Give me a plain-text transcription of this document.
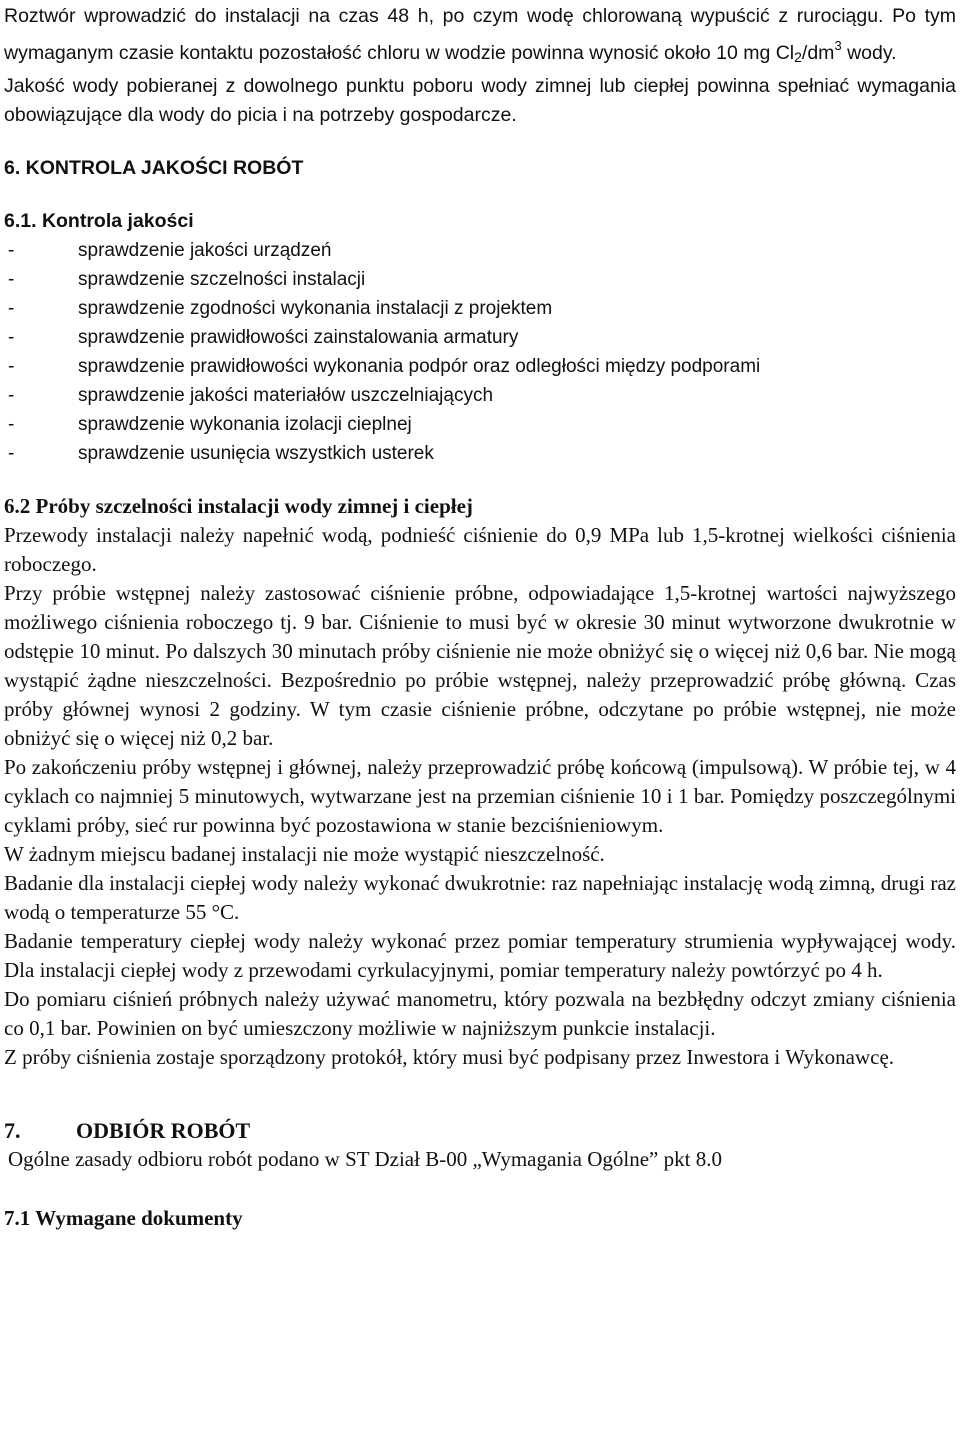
Roztwór wprowadzić do instalacji na czas 48 h, po czym wodę chlorowaną wypuścić z rurociągu. Po tym wymaganym czasie kontaktu pozostałość chloru w wodzie powinna wynosić około 10 mg $Cl_2/dm^3$ wody.

Jakość wody pobieranej z dowolnego punktu poboru wody zimnej lub ciepłej powinna spełniać wymagania obowiązujące dla wody do picia i na potrzeby gospodarcze.

6. KONTROLA JAKOŚCI ROBÓT

6.1. Kontrola jakości

- sprawdzenie jakości urządzeń
- sprawdzenie szczelności instalacji
- sprawdzenie zgodności wykonania instalacji z projektem
- sprawdzenie prawidłowości zainstalowania armatury
- sprawdzenie prawidłowości wykonania podpór oraz odległości między podporami
- sprawdzenie jakości materiałów uszczelniających
- sprawdzenie wykonania izolacji cieplnej
- sprawdzenie usunięcia wszystkich usterek

6.2 Próby szczelności instalacji wody zimnej i ciepłej

Przewody instalacji należy napełnić wodą, podnieść ciśnienie do 0,9 MPa lub 1,5-krotnej wielkości ciśnienia roboczego.

Przy próbie wstępnej należy zastosować ciśnienie próbne, odpowiadające 1,5-krotnej wartości najwyższego możliwego ciśnienia roboczego tj. 9 bar. Ciśnienie to musi być w okresie 30 minut wytworzone dwukrotnie w odstępie 10 minut. Po dalszych 30 minutach próby ciśnienie nie może obniżyć się o więcej niż 0,6 bar. Nie mogą wystąpić żądne nieszczelności. Bezpośrednio po próbie wstępnej, należy przeprowadzić próbę główną. Czas próby głównej wynosi 2 godziny. W tym czasie ciśnienie próbne, odczytane po próbie wstępnej, nie może obniżyć się o więcej niż 0,2 bar.

Po zakończeniu próby wstępnej i głównej, należy przeprowadzić próbę końcową (impulsową). W próbie tej, w 4 cyklach co najmniej 5 minutowych, wytwarzane jest na przemian ciśnienie 10 i 1 bar. Pomiędzy poszczególnymi cyklami próby, sieć rur powinna być pozostawiona w stanie bezciśnieniowym.

W żadnym miejscu badanej instalacji nie może wystąpić nieszczelność.

Badanie dla instalacji ciepłej wody należy wykonać dwukrotnie: raz napełniając instalację wodą zimną, drugi raz wodą o temperaturze 55 °C.

Badanie temperatury ciepłej wody należy wykonać przez pomiar temperatury strumienia wypływającej wody. Dla instalacji ciepłej wody z przewodami cyrkulacyjnymi, pomiar temperatury należy powtórzyć po 4 h.

Do pomiaru ciśnień próbnych należy używać manometru, który pozwala na bezbłędny odczyt zmiany ciśnienia co 0,1 bar. Powinien on być umieszczony możliwie w najniższym punkcie instalacji.

Z próby ciśnienia zostaje sporządzony protokół, który musi być podpisany przez Inwestora i Wykonawcę.

7.	ODBIÓR ROBÓT

Ogólne zasady odbioru robót podano w ST Dział B-00 „Wymagania Ogólne” pkt 8.0

7.1 Wymagane dokumenty
